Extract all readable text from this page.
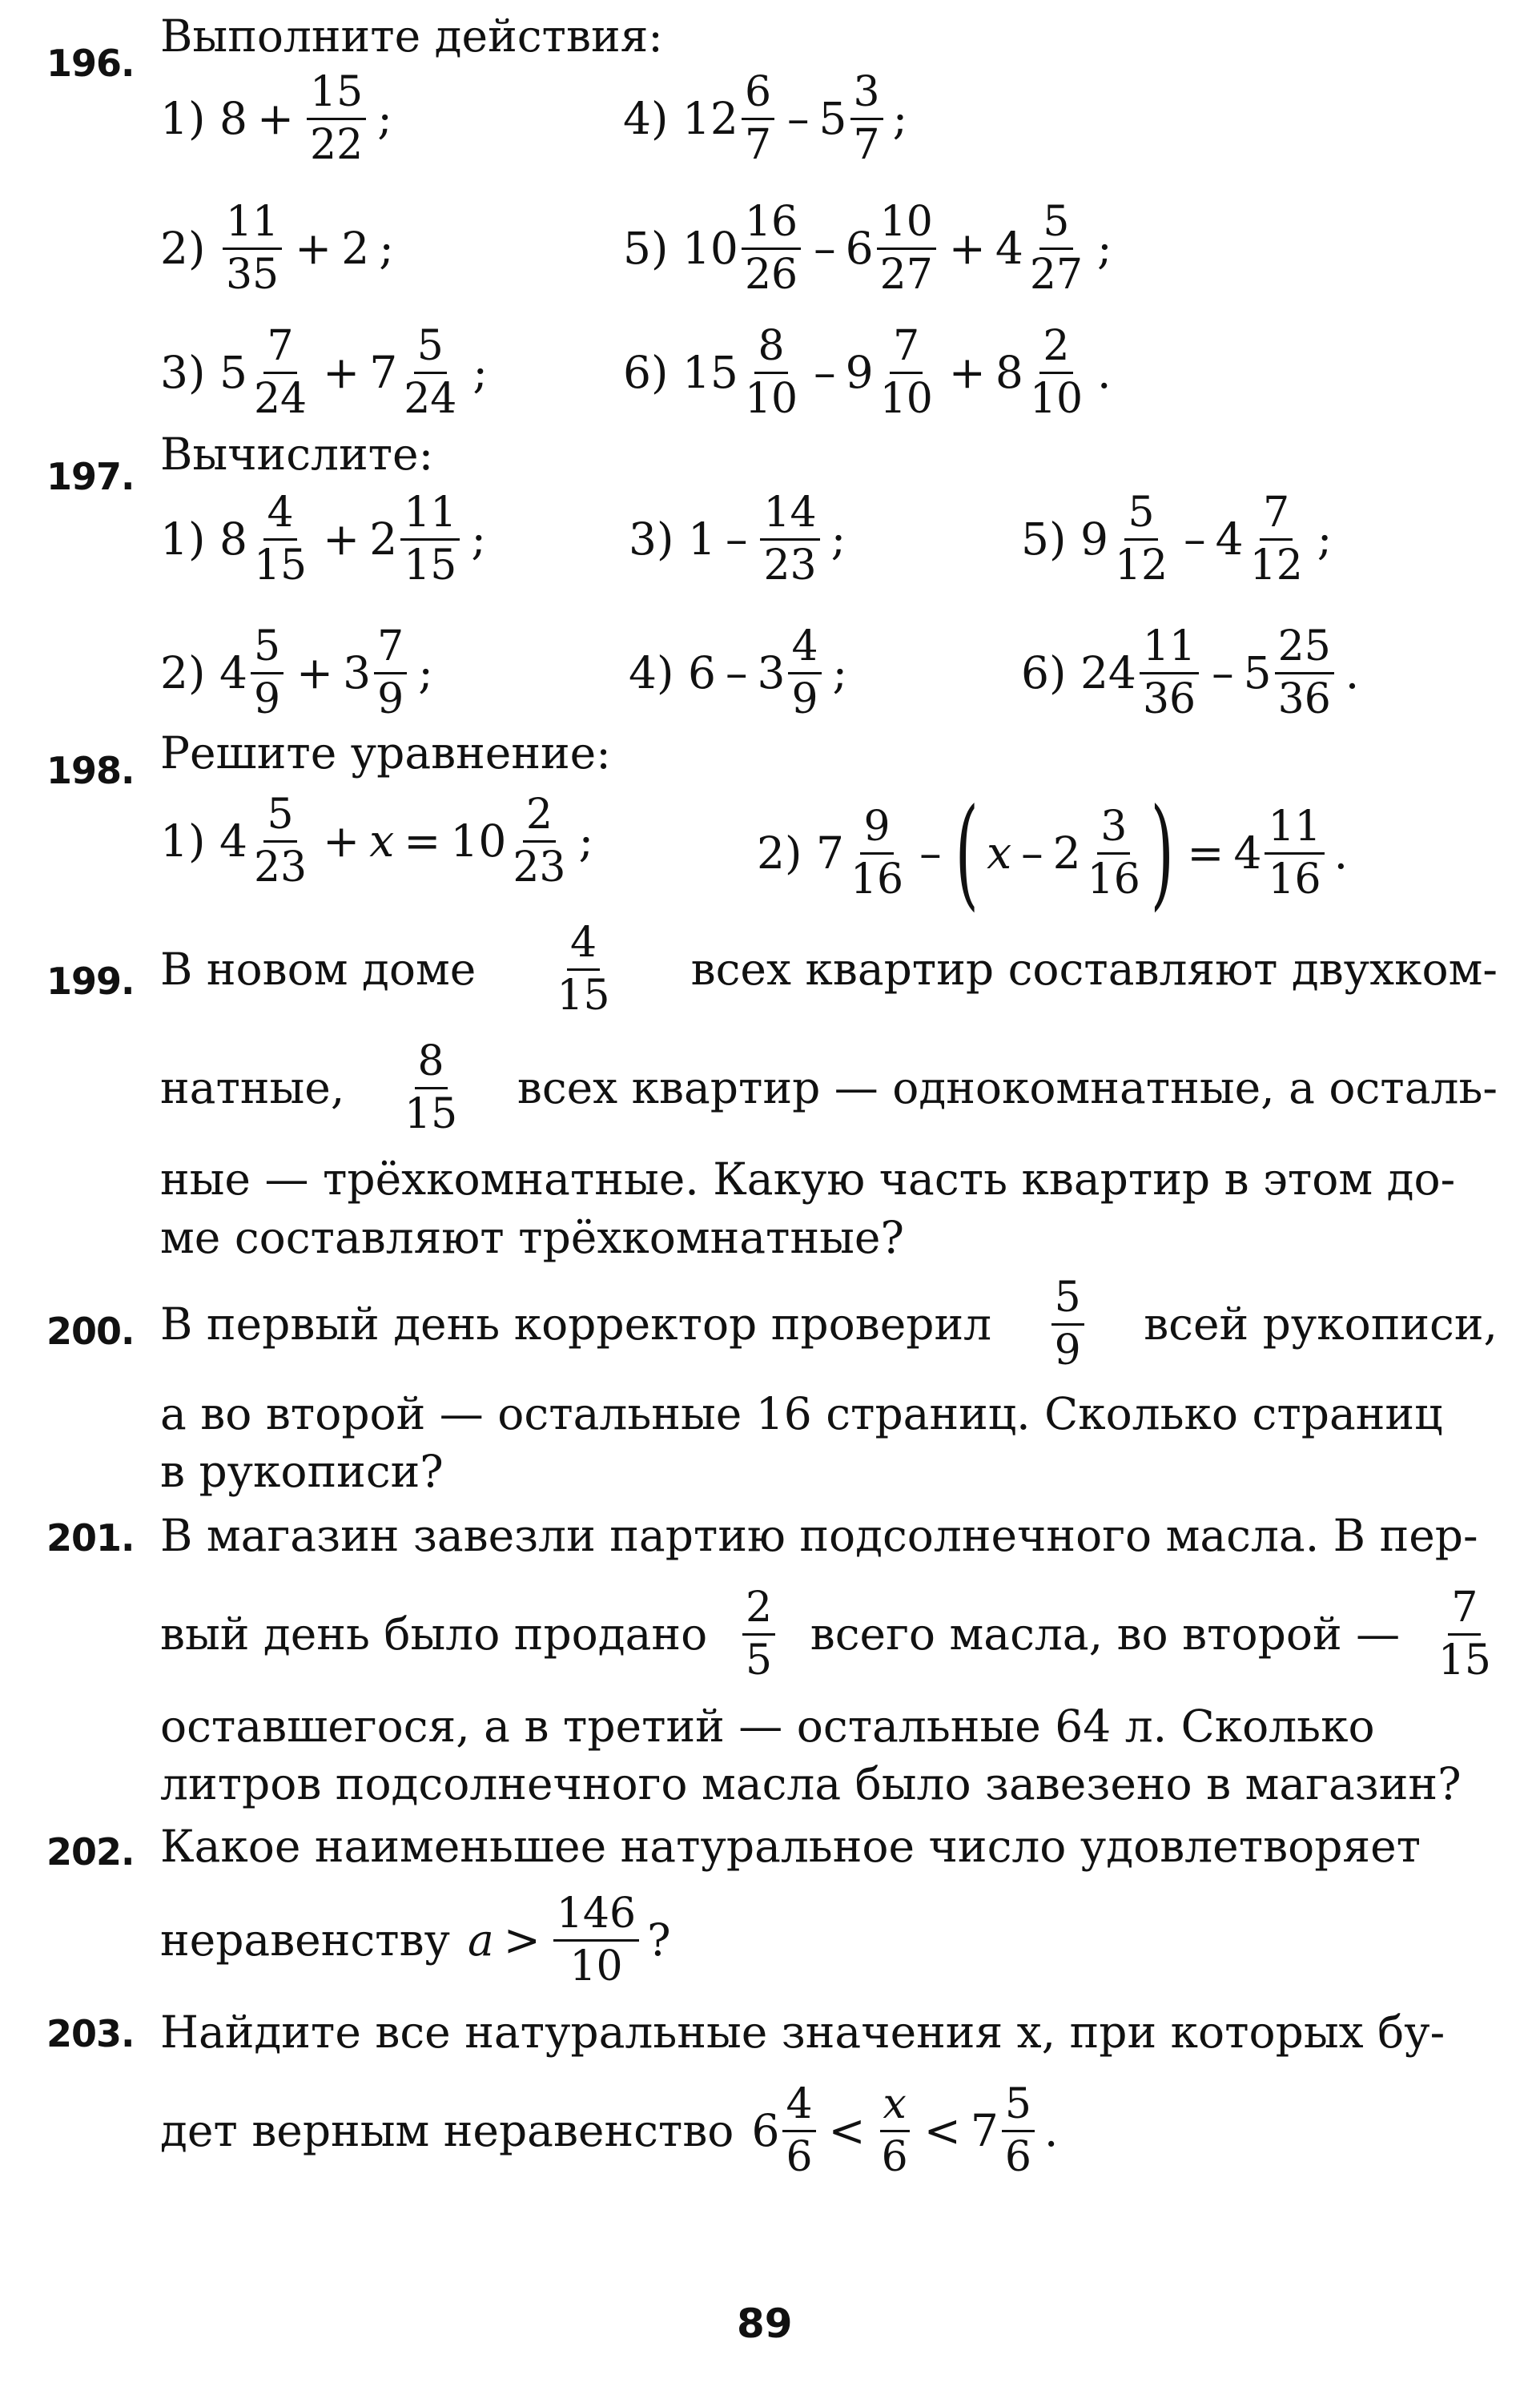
196.
Выполните действия:
1)
$8 + \frac{15}{22}$ ;
2)
$\frac{11}{35} + 2$ ;
3)
$5 \frac{7}{24} + 7 \frac{5}{24}$ ;
4)
$12 \frac{6}{7} - 5 \frac{3}{7}$ ;
5)
$10 \frac{16}{26} - 6 \frac{10}{27} + 4 \frac{5}{27}$ ;
6)
$15 \frac{8}{10} - 9 \frac{7}{10} + 8 \frac{2}{10}$ .
197. Вычислите:
1)
$8 \frac{4}{15} + 2 \frac{11}{15}$ ;
2)
$4 \frac{5}{9} + 3 \frac{7}{9}$ ;
3)
$1 - \frac{14}{23}$ ;
4)
$6 - 3 \frac{4}{9}$ ;
5)
$9 \frac{5}{12} - 4 \frac{7}{12}$ ;
6)
$24 \frac{11}{36} - 5 \frac{25}{36}$ .
198. Решите уравнение:
1)
$4 \frac{5}{23} + x = 10 \frac{2}{23}$ ;	2)
$7 \frac{9}{16}$ – ( x – $2 \frac{3}{16}$ ) = $4 \frac{11}{16}$ .
199. В новом доме $\frac{4}{15}$ всех квартир составляют двухком-
натные, $\frac{8}{15}$ всех квартир — однокомнатные, а осталь-
ные — трёхкомнатные. Какую часть квартир в этом до-
ме составляют трёхкомнатные?
200. В первый день корректор проверил $\frac{5}{9}$ всей рукописи,
а во второй — остальные 16 страниц. Сколько страниц
в рукописи?
201. В магазин завезли партию подсолнечного масла. В пер-
вый день было продано $\frac{2}{5}$ всего масла, во второй — $\frac{7}{15}$
оставшегося, а в третий — остальные 64 л. Сколько
литров подсолнечного масла было завезено в магазин?
202. Какое наименьшее натуральное число удовлетворяет
неравенству $a > \frac{146}{10}$ ?
203. Найдите все натуральные значения x, при которых бу-
дет верным неравенство $6 \frac{4}{6} < \frac{x}{6} < 7 \frac{5}{6}$ .
89
